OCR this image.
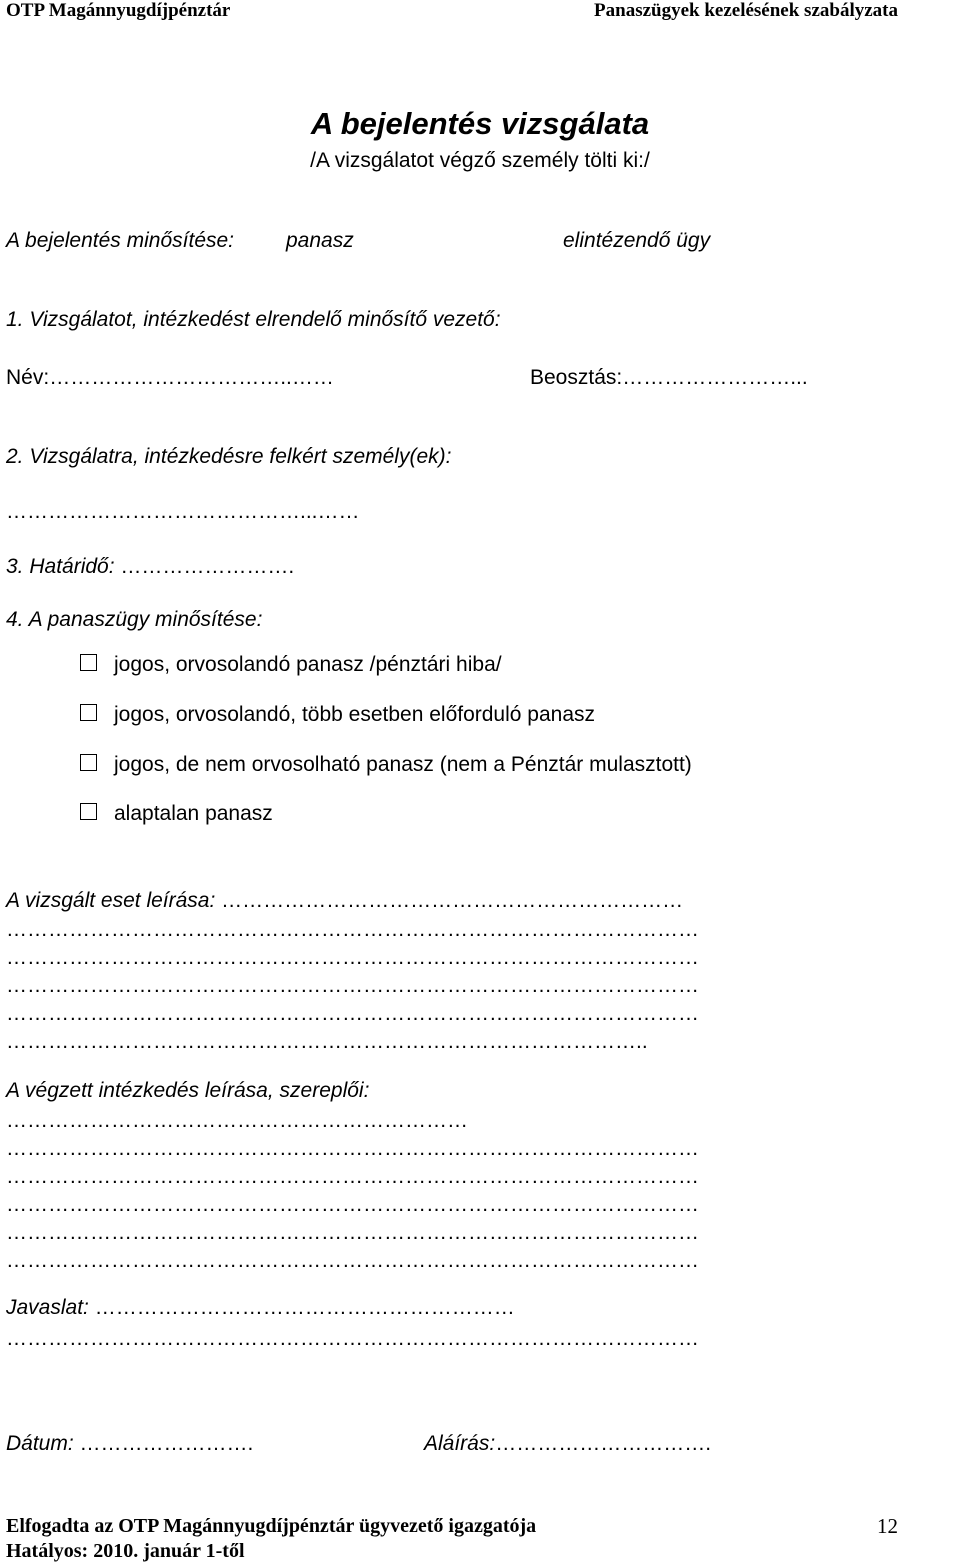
OTP Magánnyugdíjpénztár	Panaszügyek kezelésének szabályzata
A bejelentés vizsgálata
/A vizsgálatot végző személy tölti ki:/
A bejelentés minősítése: panasz	elintézendő ügy
1. Vizsgálatot, intézkedést elrendelő minősítő vezető:
Név:……………………………..……	Beosztás:……………………...
2. Vizsgálatra, intézkedésre felkért személy(ek):
……………………………………...……
3. Határidő: …………………….
4. A panaszügy minősítése:
jogos, orvosolandó panasz /pénztári hiba/
jogos, orvosolandó, több esetben előforduló panasz
jogos, de nem orvosolható panasz (nem a Pénztár mulasztott)
alaptalan panasz
A vizsgált eset leírása: …………………………………………………………
………………………………………………………………………………………
………………………………………………………………………………………
………………………………………………………………………………………
………………………………………………………………………………………
………………………………………………………………………………..
A végzett intézkedés leírása, szereplői:
…………………………………………………………
………………………………………………………………………………………
………………………………………………………………………………………
………………………………………………………………………………………
………………………………………………………………………………………
………………………………………………………………………………………
Javaslat: ……………………………………………………
………………………………………………………………………………………
Dátum: …………………….	Aláírás:………………………….
Elfogadta az OTP Magánnyugdíjpénztár ügyvezető igazgatója
Hatályos: 2010. január 1-től
12
